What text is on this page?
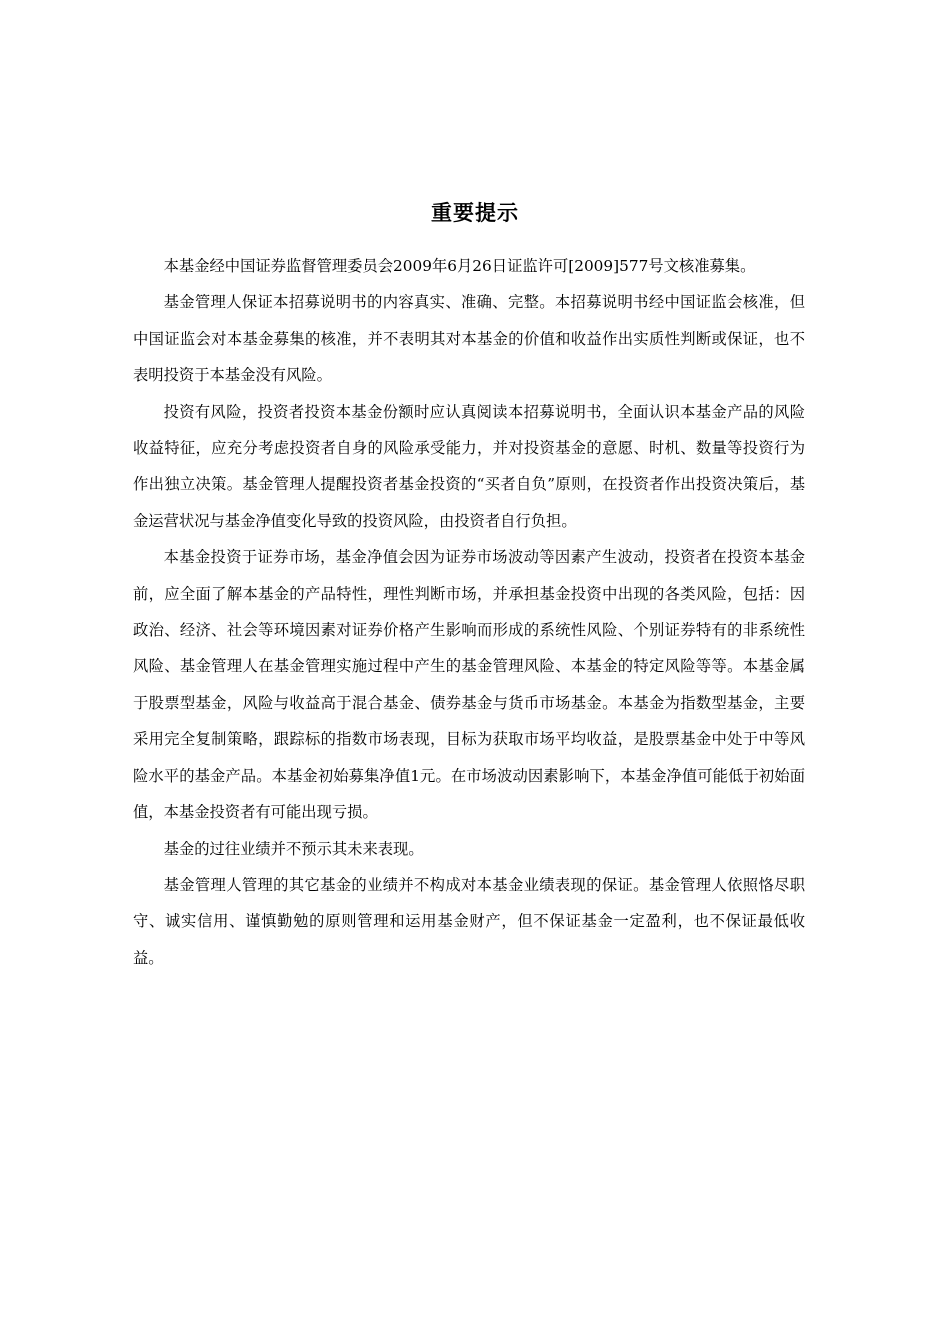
重要提示

本基金经中国证券监督管理委员会2009年6月26日证监许可[2009]577号文核准募集。

基金管理人保证本招募说明书的内容真实、准确、完整。本招募说明书经中国证监会核准，但中国证监会对本基金募集的核准，并不表明其对本基金的价值和收益作出实质性判断或保证，也不表明投资于本基金没有风险。

投资有风险，投资者投资本基金份额时应认真阅读本招募说明书，全面认识本基金产品的风险收益特征，应充分考虑投资者自身的风险承受能力，并对投资基金的意愿、时机、数量等投资行为作出独立决策。基金管理人提醒投资者基金投资的“买者自负”原则，在投资者作出投资决策后，基金运营状况与基金净值变化导致的投资风险，由投资者自行负担。

本基金投资于证券市场，基金净值会因为证券市场波动等因素产生波动，投资者在投资本基金前，应全面了解本基金的产品特性，理性判断市场，并承担基金投资中出现的各类风险，包括：因政治、经济、社会等环境因素对证券价格产生影响而形成的系统性风险、个别证券特有的非系统性风险、基金管理人在基金管理实施过程中产生的基金管理风险、本基金的特定风险等等。本基金属于股票型基金，风险与收益高于混合基金、债券基金与货币市场基金。本基金为指数型基金，主要采用完全复制策略，跟踪标的指数市场表现，目标为获取市场平均收益，是股票基金中处于中等风险水平的基金产品。本基金初始募集净值1元。在市场波动因素影响下，本基金净值可能低于初始面值，本基金投资者有可能出现亏损。

基金的过往业绩并不预示其未来表现。

基金管理人管理的其它基金的业绩并不构成对本基金业绩表现的保证。基金管理人依照恪尽职守、诚实信用、谨慎勤勉的原则管理和运用基金财产，但不保证基金一定盈利，也不保证最低收益。
